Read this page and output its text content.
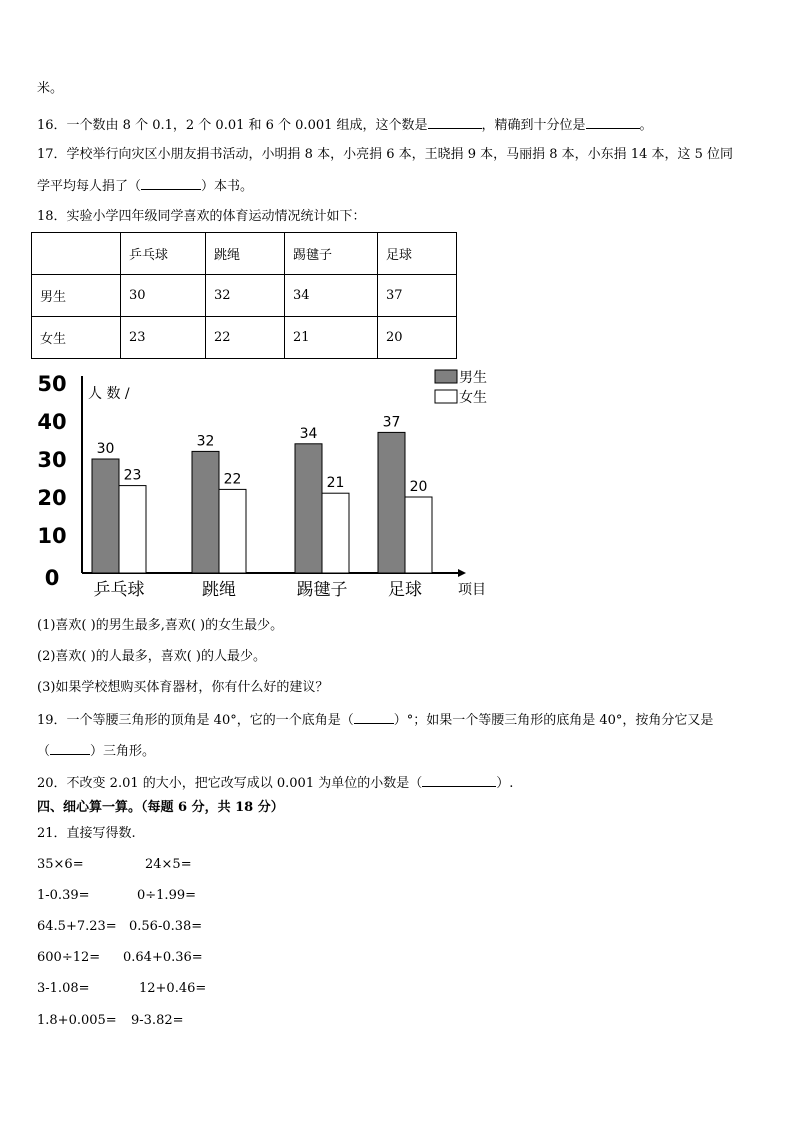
米。
16．一个数由 8 个 0.1，2 个 0.01 和 6 个 0.001 组成，这个数是	，精确到十分位是	。
17．学校举行向灾区小朋友捐书活动，小明捐 8 本，小亮捐 6 本，王晓捐 9 本，马丽捐 8 本，小东捐 14 本，这 5 位同
学平均每人捐了（	）本书。
18．实验小学四年级同学喜欢的体育运动情况统计如下：
	乒乓球	跳绳	踢毽子	足球
男生	30	32	34	37
女生	23	22	21	20
0
10
20
30
40
50 人 数 /
30
23
乒乓球
32
22
跳绳
34
21
踢毽子
37
20
足球	项目
男生
女生
(1)喜欢( )的男生最多,喜欢( )的女生最少。
(2)喜欢( )的人最多，喜欢( )的人最少。
(3)如果学校想购买体育器材，你有什么好的建议？
19．一个等腰三角形的顶角是 40°，它的一个底角是（	）°；如果一个等腰三角形的底角是 40°，按角分它又是
（	）三角形。
20．不改变 2.01 的大小，把它改写成以 0.001 为单位的小数是（	）.
四、细心算一算。（每题 6 分，共 18 分）
21．直接写得数.
35×6=	24×5=
1-0.39=	0÷1.99=
64.5+7.23= 0.56-0.38=
600÷12= 0.64+0.36=
3-1.08=	12+0.46=
1.8+0.005= 9-3.82=
